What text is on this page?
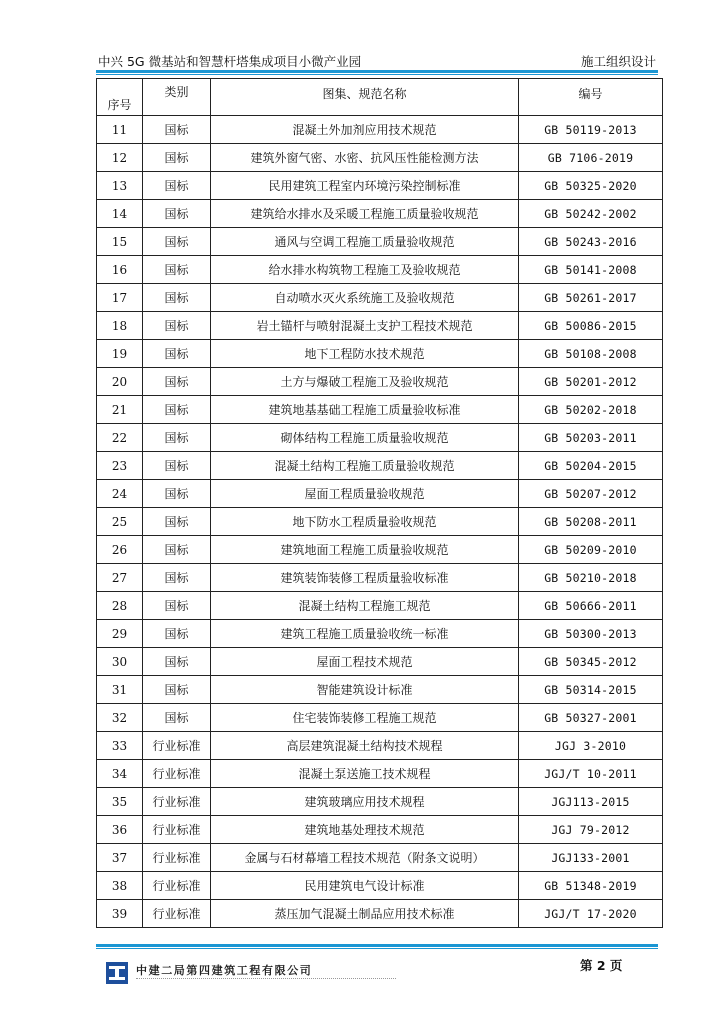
中兴 5G 微基站和智慧杆塔集成项目小微产业园	施工组织设计
序号	类别	图集、规范名称	编号
11	国标	混凝土外加剂应用技术规范	GB 50119-2013
12	国标	建筑外窗气密、水密、抗风压性能检测方法	GB 7106-2019
13	国标	民用建筑工程室内环境污染控制标准	GB 50325-2020
14	国标	建筑给水排水及采暖工程施工质量验收规范	GB 50242-2002
15	国标	通风与空调工程施工质量验收规范	GB 50243-2016
16	国标	给水排水构筑物工程施工及验收规范	GB 50141-2008
17	国标	自动喷水灭火系统施工及验收规范	GB 50261-2017
18	国标	岩土锚杆与喷射混凝土支护工程技术规范	GB 50086-2015
19	国标	地下工程防水技术规范	GB 50108-2008
20	国标	土方与爆破工程施工及验收规范	GB 50201-2012
21	国标	建筑地基基础工程施工质量验收标准	GB 50202-2018
22	国标	砌体结构工程施工质量验收规范	GB 50203-2011
23	国标	混凝土结构工程施工质量验收规范	GB 50204-2015
24	国标	屋面工程质量验收规范	GB 50207-2012
25	国标	地下防水工程质量验收规范	GB 50208-2011
26	国标	建筑地面工程施工质量验收规范	GB 50209-2010
27	国标	建筑装饰装修工程质量验收标准	GB 50210-2018
28	国标	混凝土结构工程施工规范	GB 50666-2011
29	国标	建筑工程施工质量验收统一标准	GB 50300-2013
30	国标	屋面工程技术规范	GB 50345-2012
31	国标	智能建筑设计标准	GB 50314-2015
32	国标	住宅装饰装修工程施工规范	GB 50327-2001
33	行业标准	高层建筑混凝土结构技术规程	JGJ 3-2010
34	行业标准	混凝土泵送施工技术规程	JGJ/T 10-2011
35	行业标准	建筑玻璃应用技术规程	JGJ113-2015
36	行业标准	建筑地基处理技术规范	JGJ 79-2012
37	行业标准	金属与石材幕墙工程技术规范（附条文说明）	JGJ133-2001
38	行业标准	民用建筑电气设计标准	GB 51348-2019
39	行业标准	蒸压加气混凝土制品应用技术标准	JGJ/T 17-2020
第 2 页
中建二局第四建筑工程有限公司
